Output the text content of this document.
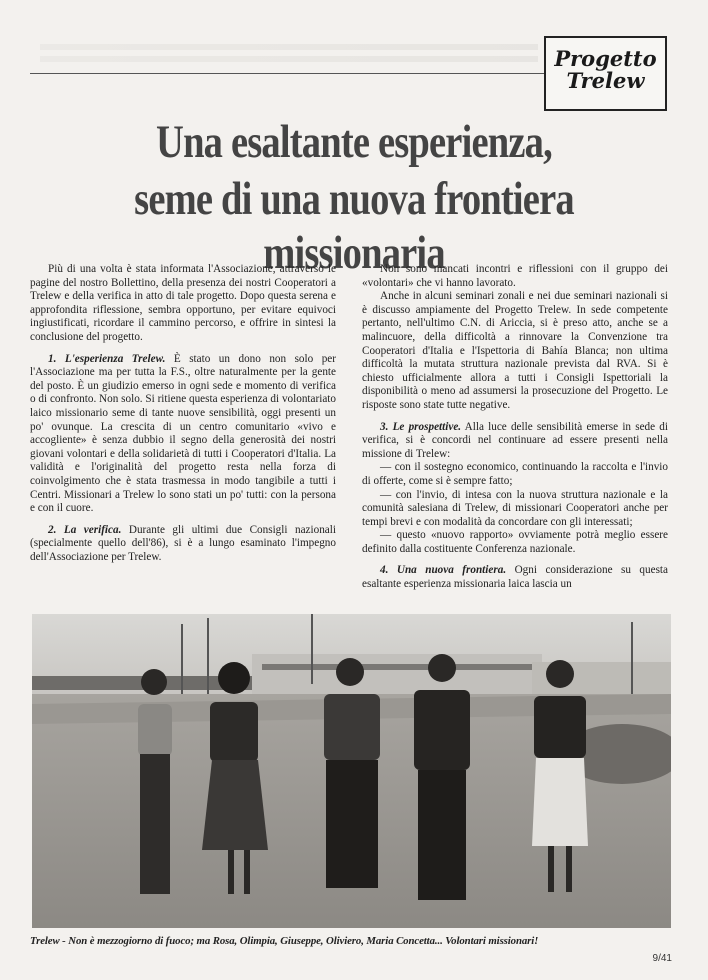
Progetto
Trelew
Una esaltante esperienza,
seme di una nuova frontiera missionaria

Più di una volta è stata informata l'Associazione, attraverso le pagine del nostro Bollettino, della presenza dei nostri Cooperatori a Trelew e della verifica in atto di tale progetto. Dopo questa serena e approfondita riflessione, sembra opportuno, per evitare equivoci ingiustificati, ricordare il cammino percorso, e offrire in sintesi la conclusione del progetto.

1. L'esperienza Trelew. È stato un dono non solo per l'Associazione ma per tutta la F.S., oltre naturalmente per la gente del posto. È un giudizio emerso in ogni sede e momento di verifica o di confronto. Non solo. Si ritiene questa esperienza di volontariato laico missionario seme di tante nuove sensibilità, oggi presenti un po' ovunque. La crescita di un centro comunitario «vivo e accogliente» è senza dubbio il segno della generosità dei nostri giovani volontari e della solidarietà di tutti i Cooperatori d'Italia. La validità e l'originalità del progetto resta nella forza di coinvolgimento che è stata trasmessa in modo tangibile a tutti i Centri. Missionari a Trelew lo sono stati un po' tutti: con la persona e con il cuore.

2. La verifica. Durante gli ultimi due Consigli nazionali (specialmente quello dell'86), si è a lungo esaminato l'impegno dell'Associazione per Trelew.

Non sono mancati incontri e riflessioni con il gruppo dei «volontari» che vi hanno lavorato.

Anche in alcuni seminari zonali e nei due seminari nazionali si è discusso ampiamente del Progetto Trelew. In sede competente pertanto, nell'ultimo C.N. di Ariccia, si è preso atto, anche se a malincuore, della difficoltà a rinnovare la Convenzione tra Cooperatori d'Italia e l'Ispettoria di Bahía Blanca; non ultima difficoltà la mutata struttura nazionale prevista dal RVA. Si è chiesto ufficialmente allora a tutti i Consigli Ispettoriali la disponibilità o meno ad assumersi la prosecuzione del Progetto. Le risposte sono state tutte negative.

3. Le prospettive. Alla luce delle sensibilità emerse in sede di verifica, si è concordi nel continuare ad essere presenti nella missione di Trelew:

— con il sostegno economico, continuando la raccolta e l'invio di offerte, come si è sempre fatto;

— con l'invio, di intesa con la nuova struttura nazionale e la comunità salesiana di Trelew, di missionari Cooperatori anche per tempi brevi e con modalità da concordare con gli interessati;

— questo «nuovo rapporto» ovviamente potrà meglio essere definito dalla costituente Conferenza nazionale.

4. Una nuova frontiera. Ogni considerazione su questa esaltante esperienza missionaria laica lascia un

Trelew - Non è mezzogiorno di fuoco; ma Rosa, Olimpia, Giuseppe, Oliviero, Maria Concetta... Volontari missionari!
9/41
